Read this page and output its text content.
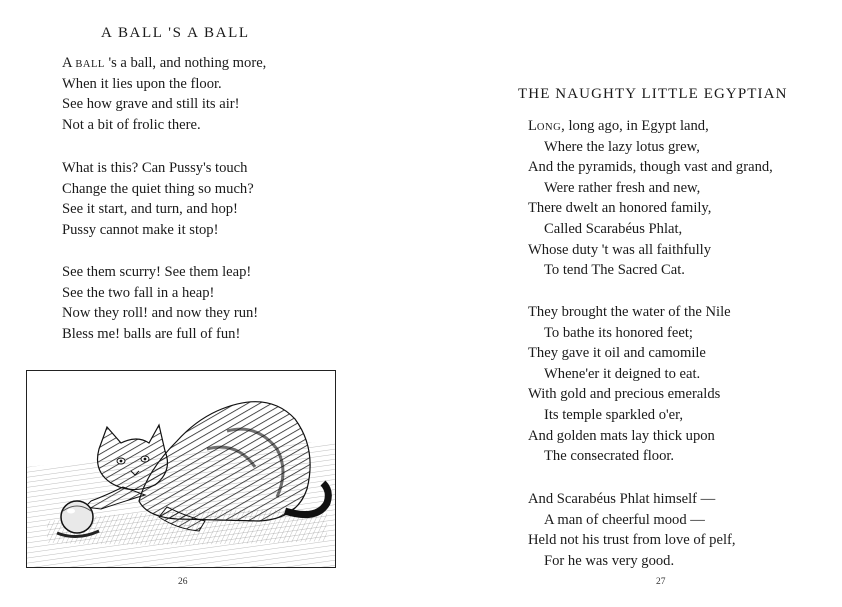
A BALL 'S A BALL
A BALL 's a ball, and nothing more,
When it lies upon the floor.
See how grave and still its air!
Not a bit of frolic there.
What is this? Can Pussy's touch
Change the quiet thing so much?
See it start, and turn, and hop!
Pussy cannot make it stop!
See them scurry! See them leap!
See the two fall in a heap!
Now they roll! and now they run!
Bless me! balls are full of fun!
26
THE NAUGHTY LITTLE EGYPTIAN
LONG, long ago, in Egypt land,
Where the lazy lotus grew,
And the pyramids, though vast and grand,
Were rather fresh and new,
There dwelt an honored family,
Called Scarabéus Phlat,
Whose duty 't was all faithfully
To tend The Sacred Cat.
They brought the water of the Nile
To bathe its honored feet;
They gave it oil and camomile
Whene'er it deigned to eat.
With gold and precious emeralds
Its temple sparkled o'er,
And golden mats lay thick upon
The consecrated floor.
And Scarabéus Phlat himself —
A man of cheerful mood —
Held not his trust from love of pelf,
For he was very good.
27
